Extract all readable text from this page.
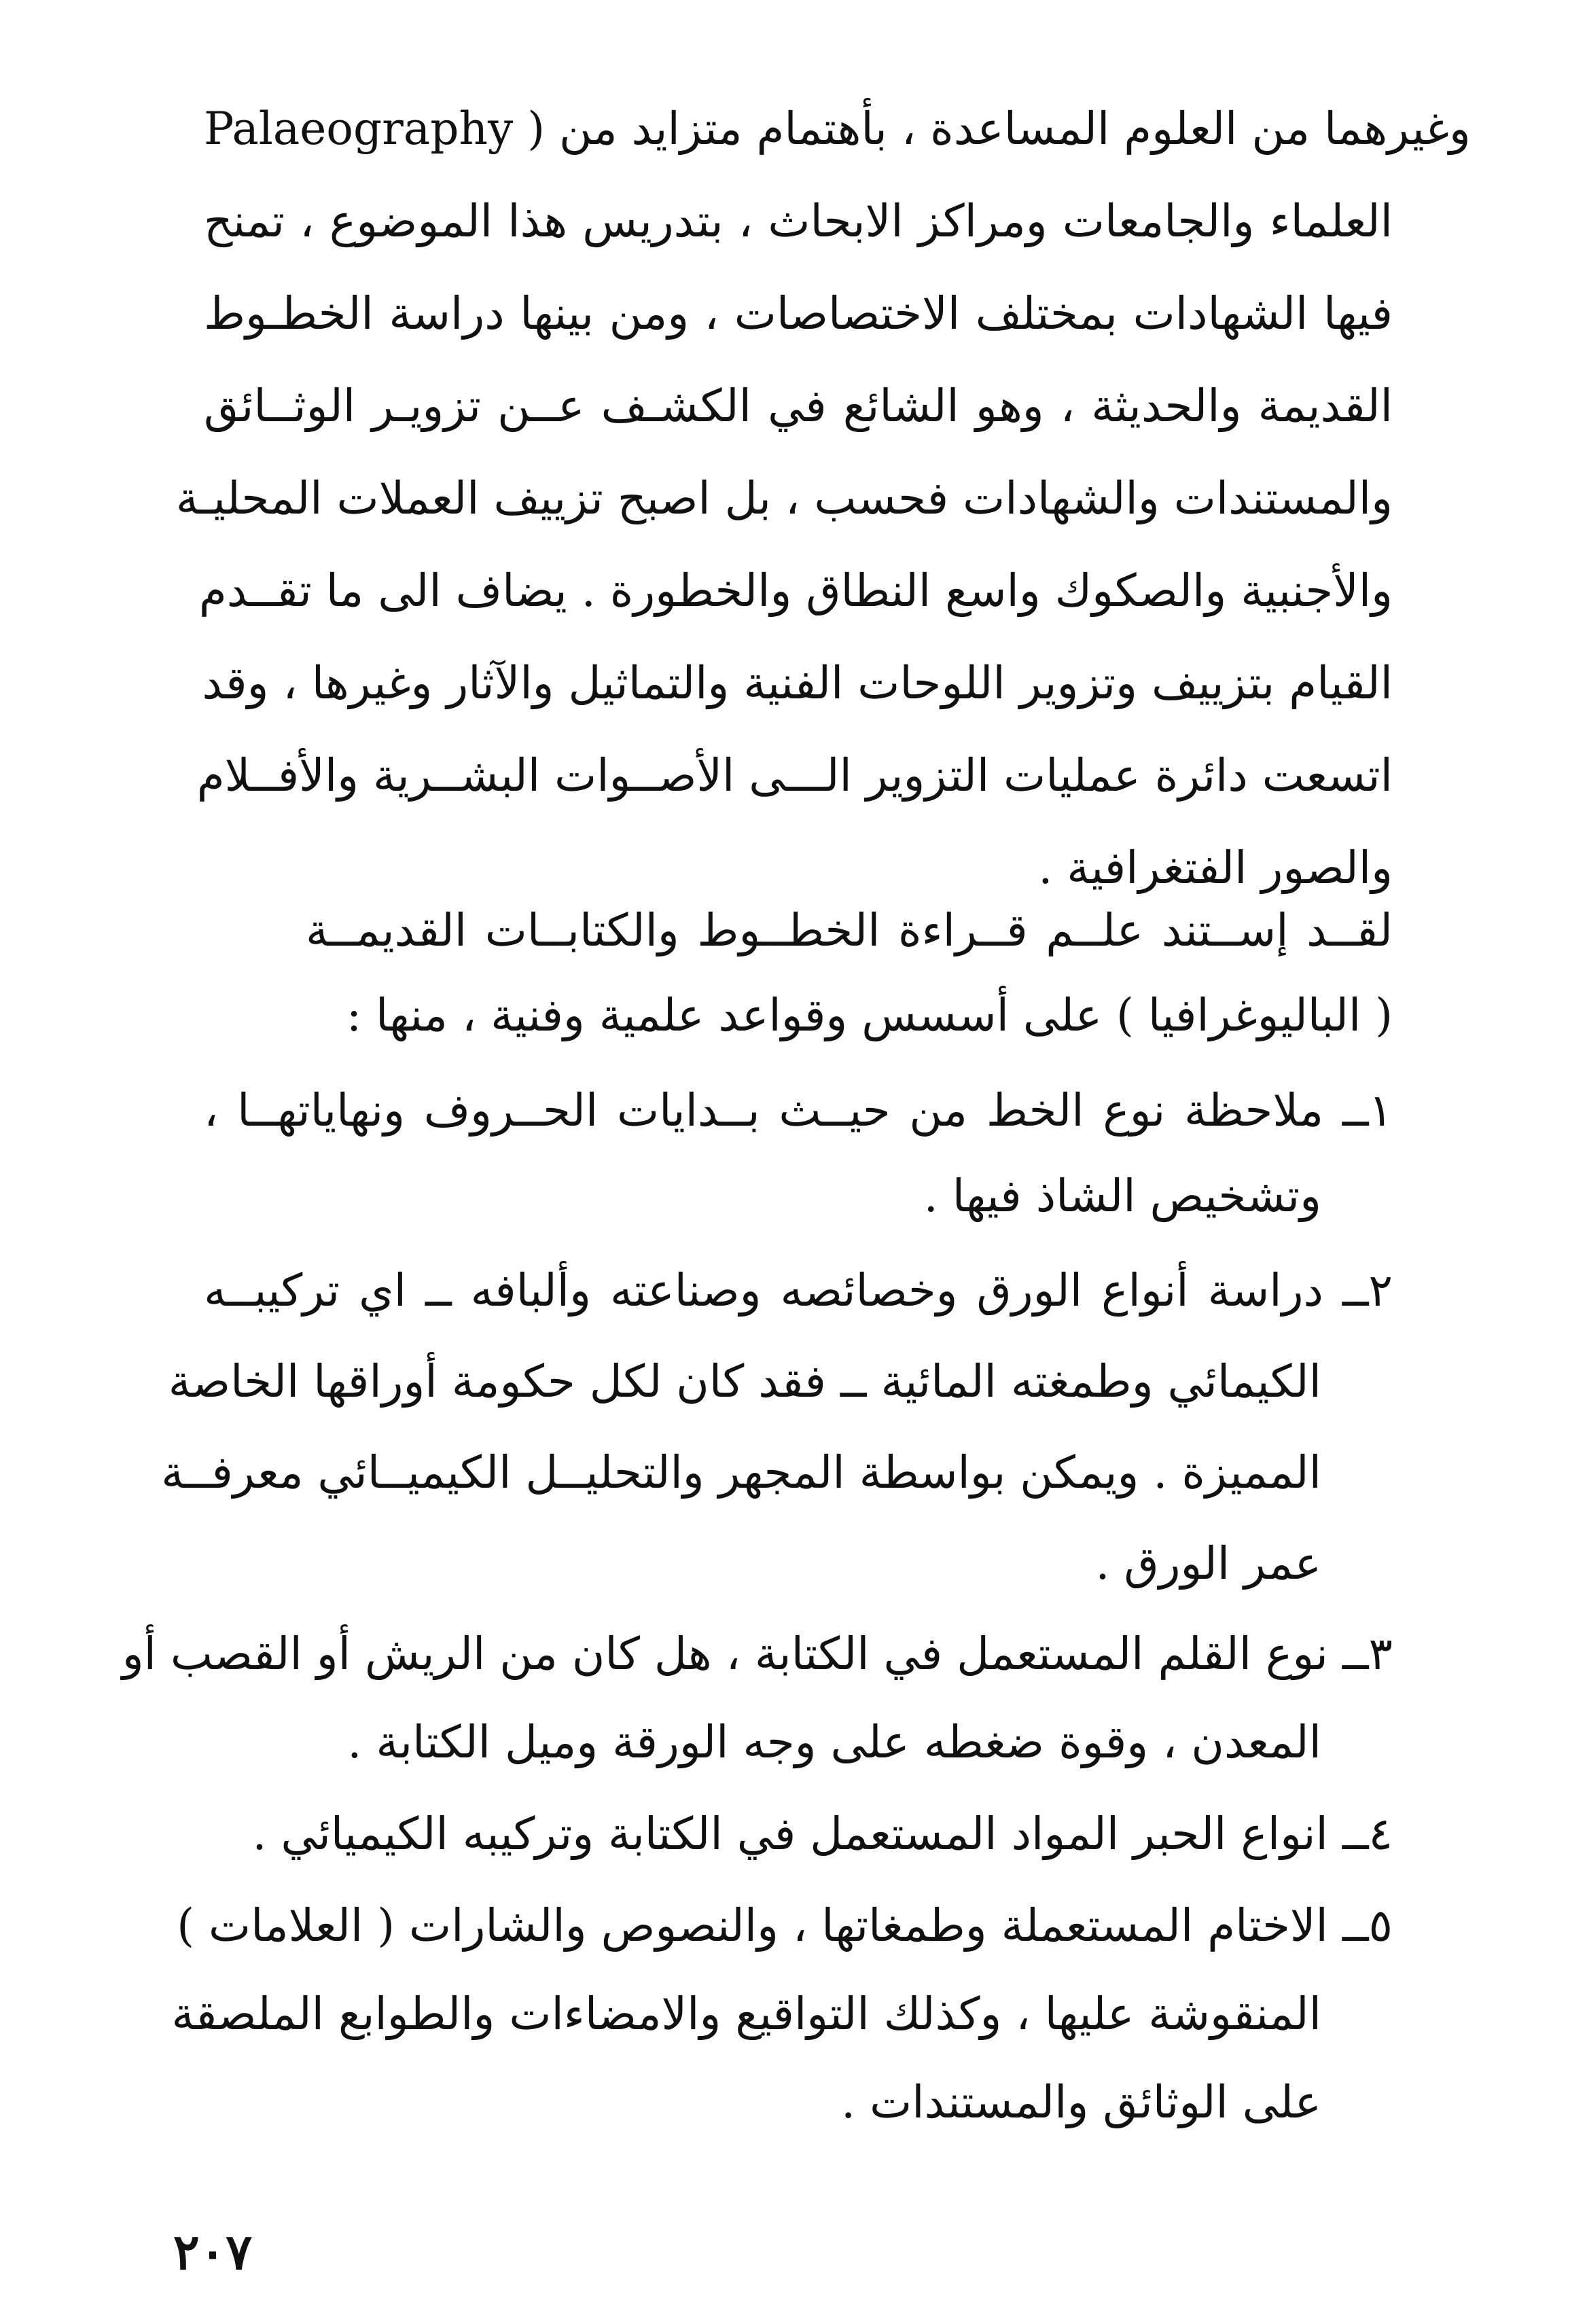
Palaeography ) وغيرهما من العلوم المساعدة ، بأهتمام متزايد من
العلماء والجامعات ومراكز الابحاث ، بتدريس هذا الموضوع ، تمنح
فيها الشهادات بمختلف الاختصاصات ، ومن بينها دراسة الخطـوط
القديمة والحديثة ، وهو الشائع في الكشـف عــن تزويـر الوثــائق
والمستندات والشهادات فحسب ، بل اصبح تزييف العملات المحليـة
والأجنبية والصكوك واسع النطاق والخطورة . يضاف الى ما تقــدم
القيام بتزييف وتزوير اللوحات الفنية والتماثيل والآثار وغيرها ، وقد
اتسعت دائرة عمليات التزوير الـــى الأصــوات البشــرية والأفــلام
والصور الفتغرافية .
لقــد إســتند علــم قــراءة الخطــوط والكتابــات القديمــة
( الباليوغرافيا ) على أسسس وقواعد علمية وفنية ، منها :
١ــ ملاحظة نوع الخط من حيــث بــدايات الحــروف ونهاياتهــا ،
وتشخيص الشاذ فيها .
٢ــ دراسة أنواع الورق وخصائصه وصناعته وألبافه ــ اي تركيبــه
الكيمائي وطمغته المائية ــ فقد كان لكل حكومة أوراقها الخاصة
المميزة . ويمكن بواسطة المجهر والتحليــل الكيميــائي معرفــة
عمر الورق .
٣ــ نوع القلم المستعمل في الكتابة ، هل كان من الريش أو القصب أو
المعدن ، وقوة ضغطه على وجه الورقة وميل الكتابة .
٤ــ انواع الحبر المواد المستعمل في الكتابة وتركيبه الكيميائي .
٥ــ الاختام المستعملة وطمغاتها ، والنصوص والشارات ( العلامات )
المنقوشة عليها ، وكذلك التواقيع والامضاءات والطوابع الملصقة
على الوثائق والمستندات .
٢٠٧
